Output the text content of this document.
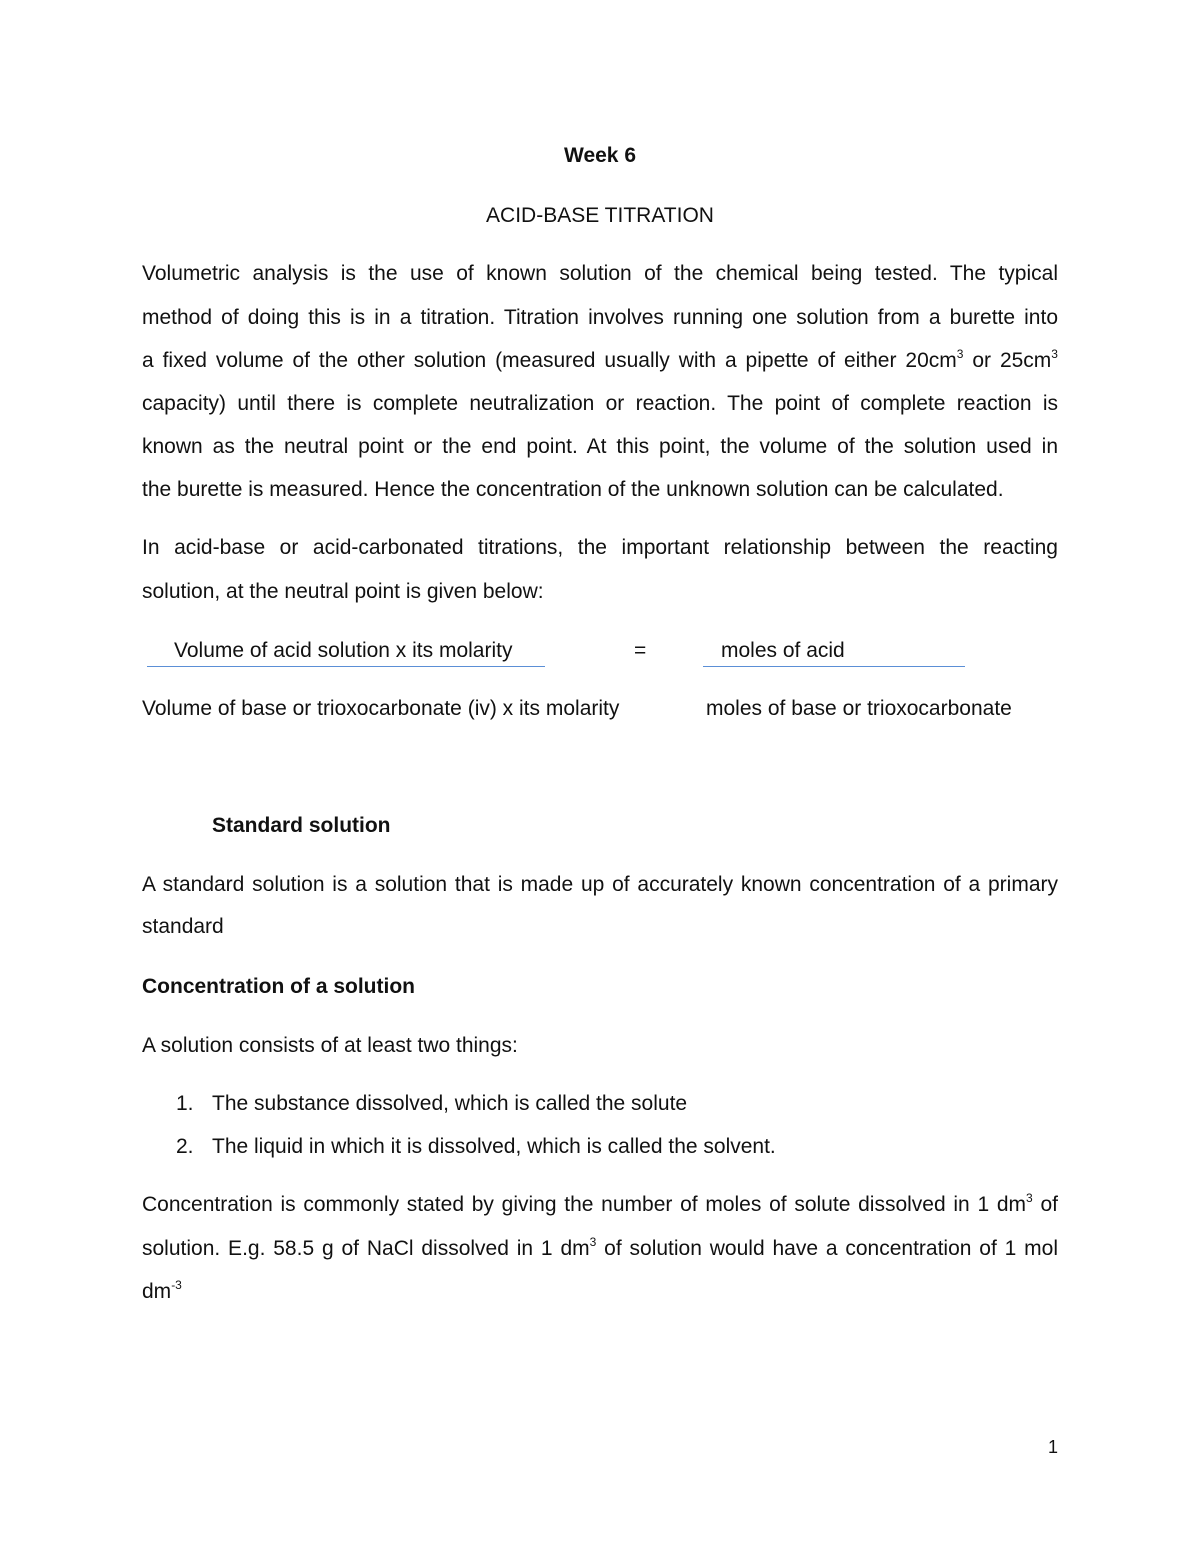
Week 6
ACID-BASE TITRATION
Volumetric analysis is the use of known solution of the chemical being tested. The typical
method of doing this is in a titration. Titration involves running one solution from a burette into
a fixed volume of the other solution (measured usually with a pipette of either $20cm^3$ or $25cm^3$
capacity) until there is complete neutralization or reaction. The point of complete reaction is
known as the neutral point or the end point. At this point, the volume of the solution used in
the burette is measured. Hence the concentration of the unknown solution can be calculated.
In acid-base or acid-carbonated titrations, the important relationship between the reacting
solution, at the neutral point is given below:
Volume of acid solution x its molarity	=	moles of acid
Volume of base or trioxocarbonate (iv) x its molarity	moles of base or trioxocarbonate
Standard solution
A standard solution is a solution that is made up of accurately known concentration of a primary
standard
Concentration of a solution
A solution consists of at least two things:
1. The substance dissolved, which is called the solute
2. The liquid in which it is dissolved, which is called the solvent.
Concentration is commonly stated by giving the number of moles of solute dissolved in 1 $dm^3$ of
solution. E.g. 58.5 g of NaCl dissolved in 1 $dm^3$ of solution would have a concentration of 1 mol
$dm^{-3}$
1
